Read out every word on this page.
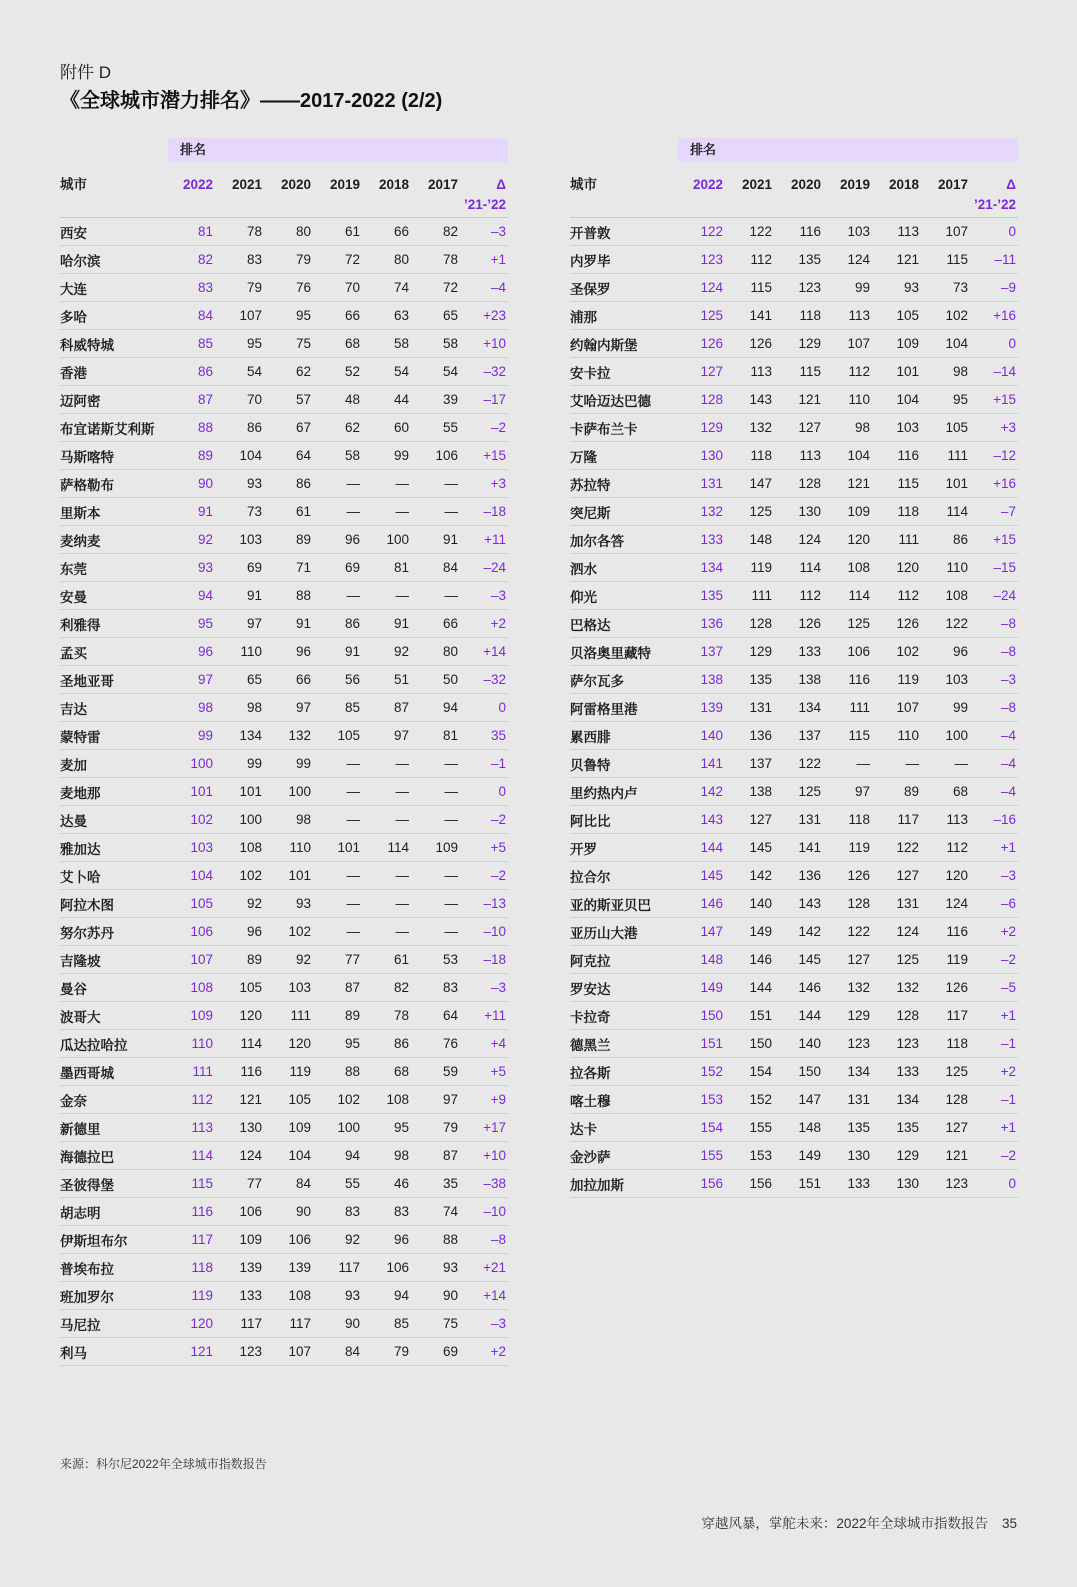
附件 D
《全球城市潜力排名》——2017-2022 (2/2)
排名
城市	2022	2021	2020	2019	2018	2017	Δ ’21-’22
西安	81	78	80	61	66	82	–3
哈尔滨	82	83	79	72	80	78	+1
大连	83	79	76	70	74	72	–4
多哈	84	107	95	66	63	65	+23
科威特城	85	95	75	68	58	58	+10
香港	86	54	62	52	54	54	–32
迈阿密	87	70	57	48	44	39	–17
布宜诺斯艾利斯	88	86	67	62	60	55	–2
马斯喀特	89	104	64	58	99	106	+15
萨格勒布	90	93	86	—	—	—	+3
里斯本	91	73	61	—	—	—	–18
麦纳麦	92	103	89	96	100	91	+11
东莞	93	69	71	69	81	84	–24
安曼	94	91	88	—	—	—	–3
利雅得	95	97	91	86	91	66	+2
孟买	96	110	96	91	92	80	+14
圣地亚哥	97	65	66	56	51	50	–32
吉达	98	98	97	85	87	94	0
蒙特雷	99	134	132	105	97	81	35
麦加	100	99	99	—	—	—	–1
麦地那	101	101	100	—	—	—	0
达曼	102	100	98	—	—	—	–2
雅加达	103	108	110	101	114	109	+5
艾卜哈	104	102	101	—	—	—	–2
阿拉木图	105	92	93	—	—	—	–13
努尔苏丹	106	96	102	—	—	—	–10
吉隆坡	107	89	92	77	61	53	–18
曼谷	108	105	103	87	82	83	–3
波哥大	109	120	111	89	78	64	+11
瓜达拉哈拉	110	114	120	95	86	76	+4
墨西哥城	111	116	119	88	68	59	+5
金奈	112	121	105	102	108	97	+9
新德里	113	130	109	100	95	79	+17
海德拉巴	114	124	104	94	98	87	+10
圣彼得堡	115	77	84	55	46	35	–38
胡志明	116	106	90	83	83	74	–10
伊斯坦布尔	117	109	106	92	96	88	–8
普埃布拉	118	139	139	117	106	93	+21
班加罗尔	119	133	108	93	94	90	+14
马尼拉	120	117	117	90	85	75	–3
利马	121	123	107	84	79	69	+2
排名
城市	2022	2021	2020	2019	2018	2017	Δ ’21-’22
开普敦	122	122	116	103	113	107	0
内罗毕	123	112	135	124	121	115	–11
圣保罗	124	115	123	99	93	73	–9
浦那	125	141	118	113	105	102	+16
约翰内斯堡	126	126	129	107	109	104	0
安卡拉	127	113	115	112	101	98	–14
艾哈迈达巴德	128	143	121	110	104	95	+15
卡萨布兰卡	129	132	127	98	103	105	+3
万隆	130	118	113	104	116	111	–12
苏拉特	131	147	128	121	115	101	+16
突尼斯	132	125	130	109	118	114	–7
加尔各答	133	148	124	120	111	86	+15
泗水	134	119	114	108	120	110	–15
仰光	135	111	112	114	112	108	–24
巴格达	136	128	126	125	126	122	–8
贝洛奥里藏特	137	129	133	106	102	96	–8
萨尔瓦多	138	135	138	116	119	103	–3
阿雷格里港	139	131	134	111	107	99	–8
累西腓	140	136	137	115	110	100	–4
贝鲁特	141	137	122	—	—	—	–4
里约热内卢	142	138	125	97	89	68	–4
阿比比	143	127	131	118	117	113	–16
开罗	144	145	141	119	122	112	+1
拉合尔	145	142	136	126	127	120	–3
亚的斯亚贝巴	146	140	143	128	131	124	–6
亚历山大港	147	149	142	122	124	116	+2
阿克拉	148	146	145	127	125	119	–2
罗安达	149	144	146	132	132	126	–5
卡拉奇	150	151	144	129	128	117	+1
德黑兰	151	150	140	123	123	118	–1
拉各斯	152	154	150	134	133	125	+2
喀土穆	153	152	147	131	134	128	–1
达卡	154	155	148	135	135	127	+1
金沙萨	155	153	149	130	129	121	–2
加拉加斯	156	156	151	133	130	123	0
来源：科尔尼2022年全球城市指数报告
穿越风暴，掌舵未来：2022年全球城市指数报告 35
